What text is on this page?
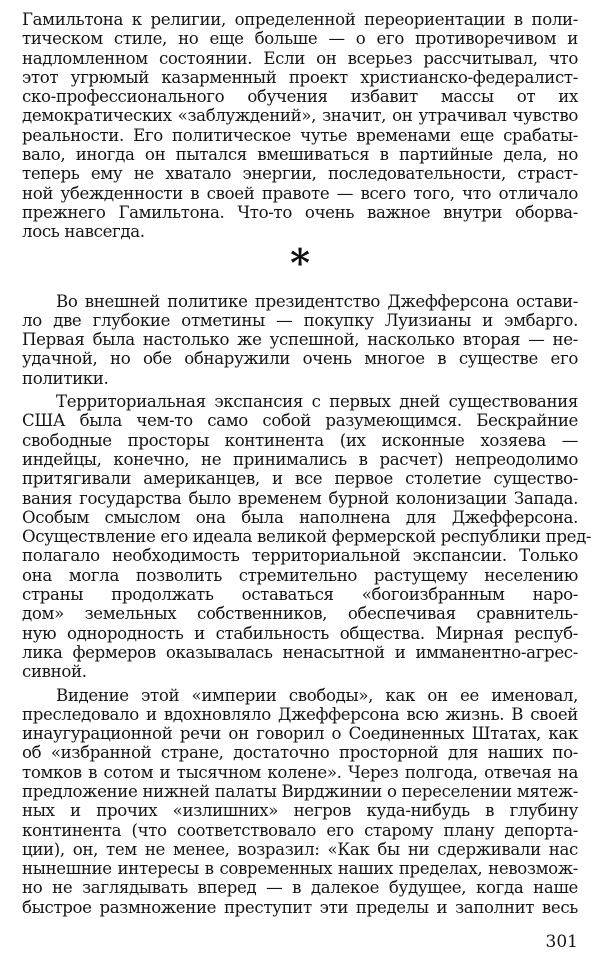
Гамильтона к религии, определенной переориентации в поли-
тическом стиле, но еще больше — о его противоречивом и
надломленном состоянии. Если он всерьез рассчитывал, что
этот угрюмый казарменный проект христианско-федералист-
ско-профессионального обучения избавит массы от их
демократических «заблуждений», значит, он утрачивал чувство
реальности. Его политическое чутье временами еще срабаты-
вало, иногда он пытался вмешиваться в партийные дела, но
теперь ему не хватало энергии, последовательности, страст-
ной убежденности в своей правоте — всего того, что отличало
прежнего Гамильтона. Что-то очень важное внутри оборва-
лось навсегда.
*
Во внешней политике президентство Джефферсона остави-
ло две глубокие отметины — покупку Луизианы и эмбарго.
Первая была настолько же успешной, насколько вторая — не-
удачной, но обе обнаружили очень многое в существе его
политики.
Территориальная экспансия с первых дней существования
США была чем-то само собой разумеющимся. Бескрайние
свободные просторы континента (их исконные хозяева —
индейцы, конечно, не принимались в расчет) непреодолимо
притягивали американцев, и все первое столетие существо-
вания государства было временем бурной колонизации Запада.
Особым смыслом она была наполнена для Джефферсона.
Осуществление его идеала великой фермерской республики пред-
полагало необходимость территориальной экспансии. Только
она могла позволить стремительно растущему неселению
страны продолжать оставаться «богоизбранным наро-
дом» земельных собственников, обеспечивая сравнитель-
ную однородность и стабильность общества. Мирная респуб-
лика фермеров оказывалась ненасытной и имманентно-агрес-
сивной.
Видение этой «империи свободы», как он ее именовал,
преследовало и вдохновляло Джефферсона всю жизнь. В своей
инаугурационной речи он говорил о Соединенных Штатах, как
об «избранной стране, достаточно просторной для наших по-
томков в сотом и тысячном колене». Через полгода, отвечая на
предложение нижней палаты Вирджинии о переселении мятеж-
ных и прочих «излишних» негров куда-нибудь в глубину
континента (что соответствовало его старому плану депорта-
ции), он, тем не менее, возразил: «Как бы ни сдерживали нас
нынешние интересы в современных наших пределах, невозмож-
но не заглядывать вперед — в далекое будущее, когда наше
быстрое размножение преступит эти пределы и заполнит весь
301
